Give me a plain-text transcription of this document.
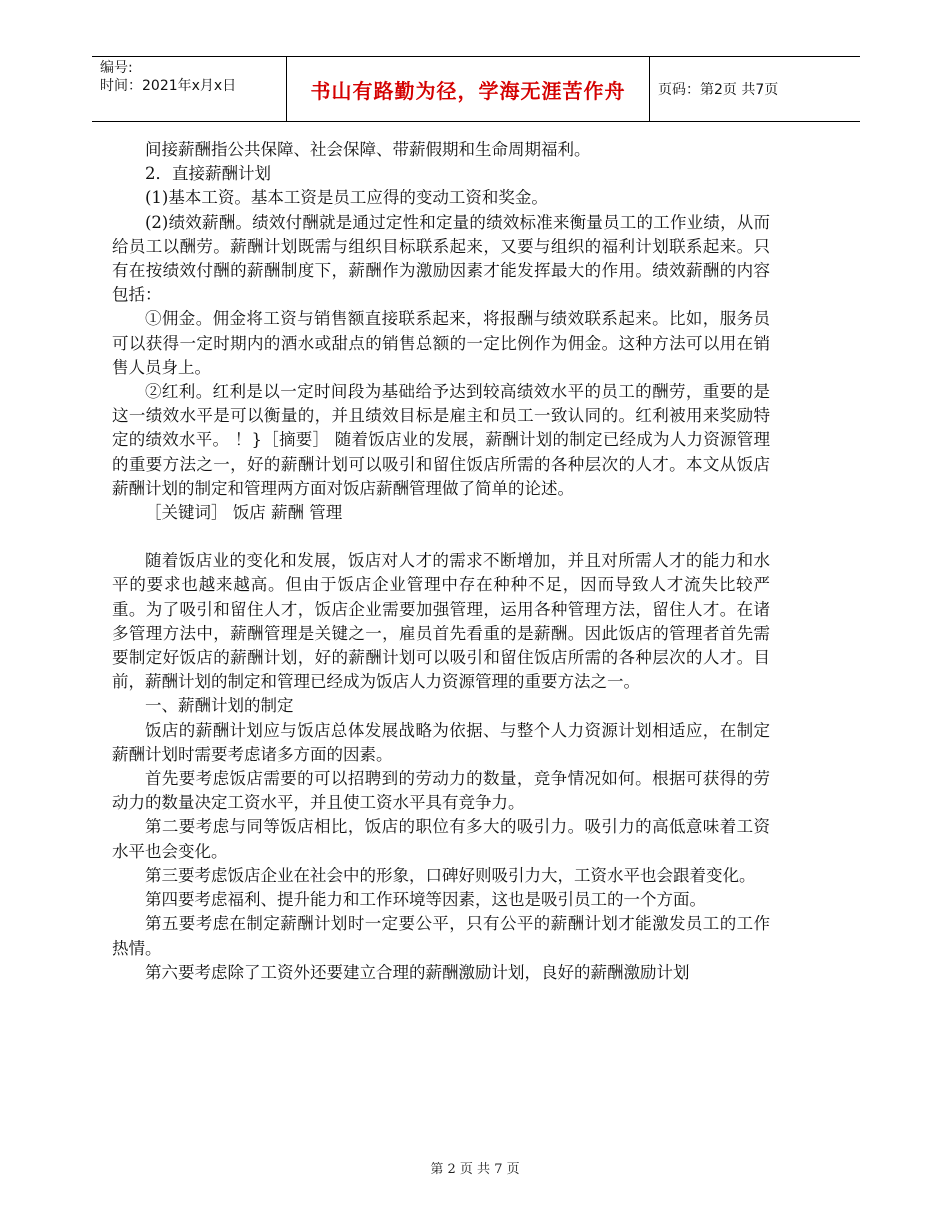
编号:
时间：2021年x月x日	书山有路勤为径，学海无涯苦作舟 页码：第2页 共7页

间接薪酬指公共保障、社会保障、带薪假期和生命周期福利。

2．直接薪酬计划

(1)基本工资。基本工资是员工应得的变动工资和奖金。

(2)绩效薪酬。绩效付酬就是通过定性和定量的绩效标准来衡量员工的工作业绩，从而给员工以酬劳。薪酬计划既需与组织目标联系起来，又要与组织的福利计划联系起来。只有在按绩效付酬的薪酬制度下，薪酬作为激励因素才能发挥最大的作用。绩效薪酬的内容包括：

①佣金。佣金将工资与销售额直接联系起来，将报酬与绩效联系起来。比如，服务员可以获得一定时期内的酒水或甜点的销售总额的一定比例作为佣金。这种方法可以用在销售人员身上。

②红利。红利是以一定时间段为基础给予达到较高绩效水平的员工的酬劳，重要的是这一绩效水平是可以衡量的，并且绩效目标是雇主和员工一致认同的。红利被用来奖励特定的绩效水平。 ！}［摘要］ 随着饭店业的发展，薪酬计划的制定已经成为人力资源管理的重要方法之一，好的薪酬计划可以吸引和留住饭店所需的各种层次的人才。本文从饭店薪酬计划的制定和管理两方面对饭店薪酬管理做了简单的论述。

［关键词］ 饭店 薪酬 管理

随着饭店业的变化和发展，饭店对人才的需求不断增加，并且对所需人才的能力和水平的要求也越来越高。但由于饭店企业管理中存在种种不足，因而导致人才流失比较严重。为了吸引和留住人才，饭店企业需要加强管理，运用各种管理方法，留住人才。在诸多管理方法中，薪酬管理是关键之一，雇员首先看重的是薪酬。因此饭店的管理者首先需要制定好饭店的薪酬计划，好的薪酬计划可以吸引和留住饭店所需的各种层次的人才。目前，薪酬计划的制定和管理已经成为饭店人力资源管理的重要方法之一。

一、薪酬计划的制定

饭店的薪酬计划应与饭店总体发展战略为依据、与整个人力资源计划相适应，在制定薪酬计划时需要考虑诸多方面的因素。

首先要考虑饭店需要的可以招聘到的劳动力的数量，竞争情况如何。根据可获得的劳动力的数量决定工资水平，并且使工资水平具有竞争力。

第二要考虑与同等饭店相比，饭店的职位有多大的吸引力。吸引力的高低意味着工资水平也会变化。

第三要考虑饭店企业在社会中的形象，口碑好则吸引力大，工资水平也会跟着变化。

第四要考虑福利、提升能力和工作环境等因素，这也是吸引员工的一个方面。

第五要考虑在制定薪酬计划时一定要公平，只有公平的薪酬计划才能激发员工的工作热情。

第六要考虑除了工资外还要建立合理的薪酬激励计划，良好的薪酬激励计划

第 2 页 共 7 页
